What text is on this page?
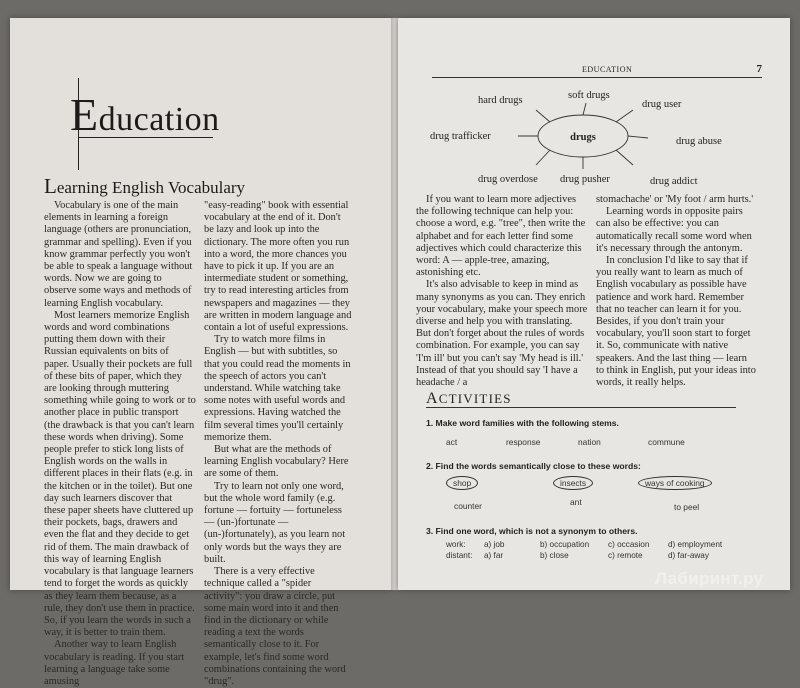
Education
Learning English Vocabulary

Vocabulary is one of the main elements in learning a foreign language (others are pronunciation, grammar and spelling). Even if you know grammar perfectly you won't be able to speak a language without words. Now we are going to observe some ways and methods of learning English vocabulary.

Most learners memorize English words and word combinations putting them down with their Russian equivalents on bits of paper. Usually their pockets are full of these bits of paper, which they are looking through muttering something while going to work or to another place in public transport (the drawback is that you can't learn these words when driving). Some people prefer to stick long lists of English words on the walls in different places in their flats (e.g. in the kitchen or in the toilet). But one day such learners discover that these paper sheets have cluttered up their pockets, bags, drawers and even the flat and they decide to get rid of them. The main drawback of this way of learning English vocabulary is that language learners tend to forget the words as quickly as they learn them because, as a rule, they don't use them in practice. So, if you learn the words in such a way, it is better to train them.

Another way to learn English vocabulary is reading. If you start learning a language take some amusing

"easy-reading" book with essential vocabulary at the end of it. Don't be lazy and look up into the dictionary. The more often you run into a word, the more chances you have to pick it up. If you are an intermediate student or something, try to read interesting articles from newspapers and magazines — they are written in modern language and contain a lot of useful expressions.

Try to watch more films in English — but with subtitles, so that you could read the moments in the speech of actors you can't understand. While watching take some notes with useful words and expressions. Having watched the film several times you'll certainly memorize them.

But what are the methods of learning English vocabulary? Here are some of them.

Try to learn not only one word, but the whole word family (e.g. fortune — fortuity — fortuneless — (un-)fortunate — (un-)fortunately), as you learn not only words but the ways they are built.

There is a very effective technique called a "spider activity": you draw a circle, put some main word into it and then find in the dictionary or while reading a text the words semantically close to it. For example, let's find some word combinations containing the word "drug".

EDUCATION	7
drugs
hard drugs	soft drugs
drug user
drug trafficker	drug abuse
drug overdose drug pusher	drug addict

If you want to learn more adjectives the following technique can help you: choose a word, e.g. "tree", then write the alphabet and for each letter find some adjectives which could characterize this word: A — apple-tree, amazing, astonishing etc.

It's also advisable to keep in mind as many synonyms as you can. They enrich your vocabulary, make your speech more diverse and help you with translating. But don't forget about the rules of words combination. For example, you can say 'I'm ill' but you can't say 'My head is ill.' Instead of that you should say 'I have a headache / a

stomachache' or 'My foot / arm hurts.'

Learning words in opposite pairs can also be effective: you can automatically recall some word when it's necessary through the antonym.

In conclusion I'd like to say that if you really want to learn as much of English vocabulary as possible have patience and work hard. Remember that no teacher can learn it for you. Besides, if you don't train your vocabulary, you'll soon start to forget it. So, communicate with native speakers. And the last thing — learn to think in English, put your ideas into words, it really helps.

ACTIVITIES
1. Make word families with the following stems.
act	response	nation	commune
2. Find the words semantically close to these words:
shop	insects	ways of cooking
counter	ant	to peel
3. Find one word, which is not a synonym to others.
work: a) job	b) occupation c) occasion d) employment
distant: a) far	b) close	c) remote	d) far-away
Лабиринт.ру
